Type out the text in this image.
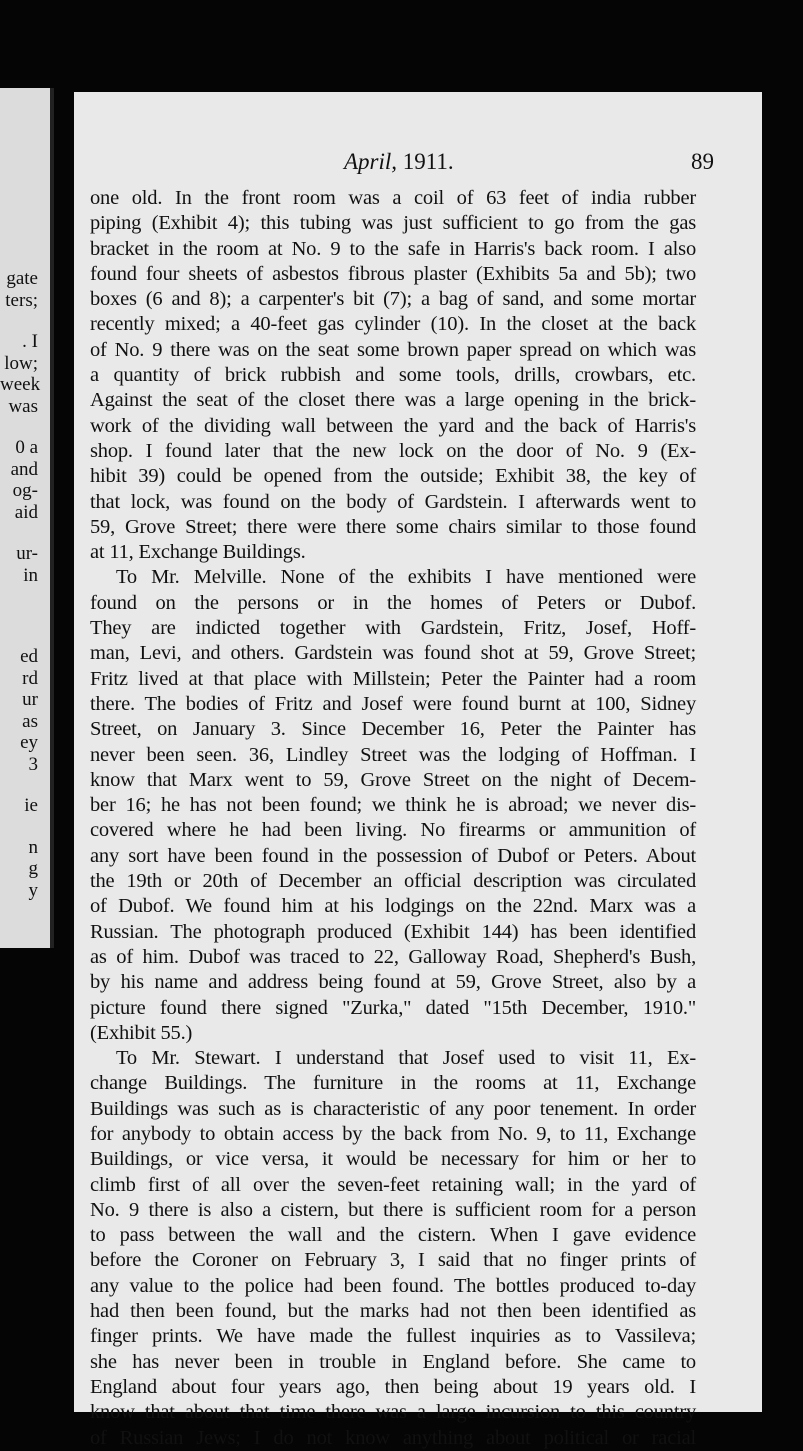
gate
ters;
. I
low;
week
was
0 a
and
og-
aid
ur-
in
ed
rd
ur
as
ey
3
ie
n
g
y
April, 1911.	89
one old. In the front room was a coil of 63 feet of india rubber
piping (Exhibit 4); this tubing was just sufficient to go from the gas
bracket in the room at No. 9 to the safe in Harris's back room. I also
found four sheets of asbestos fibrous plaster (Exhibits 5a and 5b); two
boxes (6 and 8); a carpenter's bit (7); a bag of sand, and some mortar
recently mixed; a 40-feet gas cylinder (10). In the closet at the back
of No. 9 there was on the seat some brown paper spread on which was
a quantity of brick rubbish and some tools, drills, crowbars, etc.
Against the seat of the closet there was a large opening in the brick-
work of the dividing wall between the yard and the back of Harris's
shop. I found later that the new lock on the door of No. 9 (Ex-
hibit 39) could be opened from the outside; Exhibit 38, the key of
that lock, was found on the body of Gardstein. I afterwards went to
59, Grove Street; there were there some chairs similar to those found
at 11, Exchange Buildings.
To Mr. Melville. None of the exhibits I have mentioned were
found on the persons or in the homes of Peters or Dubof.
They are indicted together with Gardstein, Fritz, Josef, Hoff-
man, Levi, and others. Gardstein was found shot at 59, Grove Street;
Fritz lived at that place with Millstein; Peter the Painter had a room
there. The bodies of Fritz and Josef were found burnt at 100, Sidney
Street, on January 3. Since December 16, Peter the Painter has
never been seen. 36, Lindley Street was the lodging of Hoffman. I
know that Marx went to 59, Grove Street on the night of Decem-
ber 16; he has not been found; we think he is abroad; we never dis-
covered where he had been living. No firearms or ammunition of
any sort have been found in the possession of Dubof or Peters. About
the 19th or 20th of December an official description was circulated
of Dubof. We found him at his lodgings on the 22nd. Marx was a
Russian. The photograph produced (Exhibit 144) has been identified
as of him. Dubof was traced to 22, Galloway Road, Shepherd's Bush,
by his name and address being found at 59, Grove Street, also by a
picture found there signed "Zurka," dated "15th December, 1910."
(Exhibit 55.)
To Mr. Stewart. I understand that Josef used to visit 11, Ex-
change Buildings. The furniture in the rooms at 11, Exchange
Buildings was such as is characteristic of any poor tenement. In order
for anybody to obtain access by the back from No. 9, to 11, Exchange
Buildings, or vice versa, it would be necessary for him or her to
climb first of all over the seven-feet retaining wall; in the yard of
No. 9 there is also a cistern, but there is sufficient room for a person
to pass between the wall and the cistern. When I gave evidence
before the Coroner on February 3, I said that no finger prints of
any value to the police had been found. The bottles produced to-day
had then been found, but the marks had not then been identified as
finger prints. We have made the fullest inquiries as to Vassileva;
she has never been in trouble in England before. She came to
England about four years ago, then being about 19 years old. I
know that about that time there was a large incursion to this country
of Russian Jews; I do not know anything about political or racial
